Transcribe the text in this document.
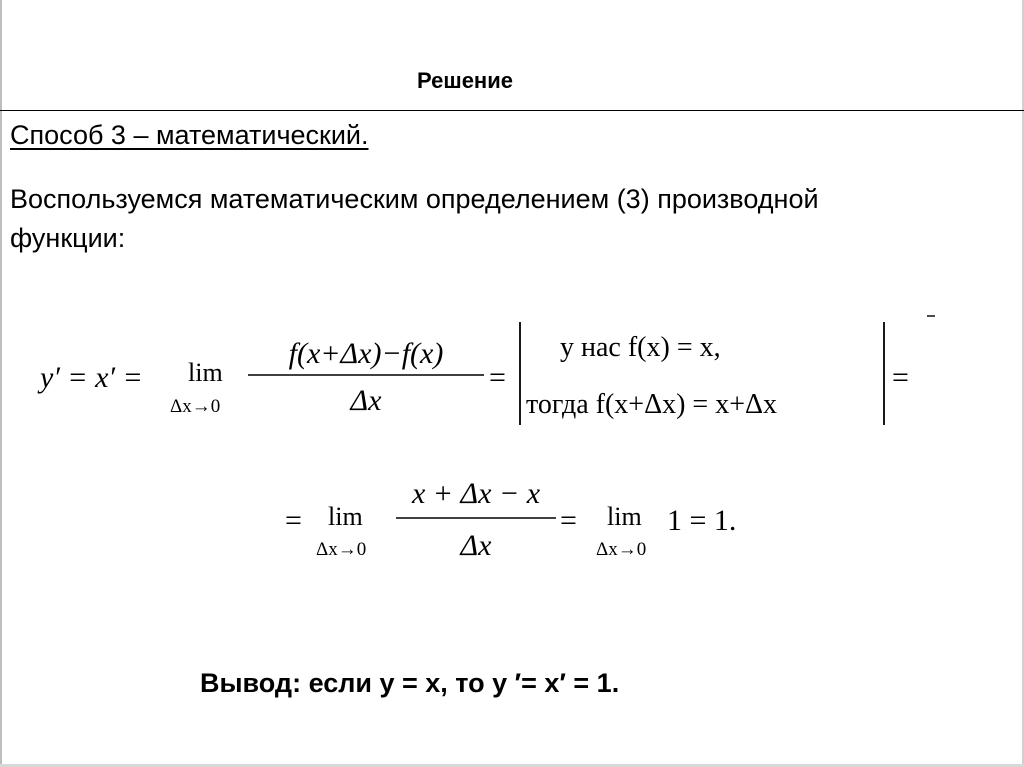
Решение
Способ 3 – математический.
Воспользуемся математическим определением (3) производной функции:
y′ = x′ = lim
Δx→0
f(x+Δx)−f(x)
Δx
=
у нас f(x) = x,
тогда f(x+Δx) = x+Δx
=
= lim
Δx→0
x + Δx − x
Δx
= lim
Δx→0
1 = 1.
Вывод: если y = x, то y ′= x′ = 1.
